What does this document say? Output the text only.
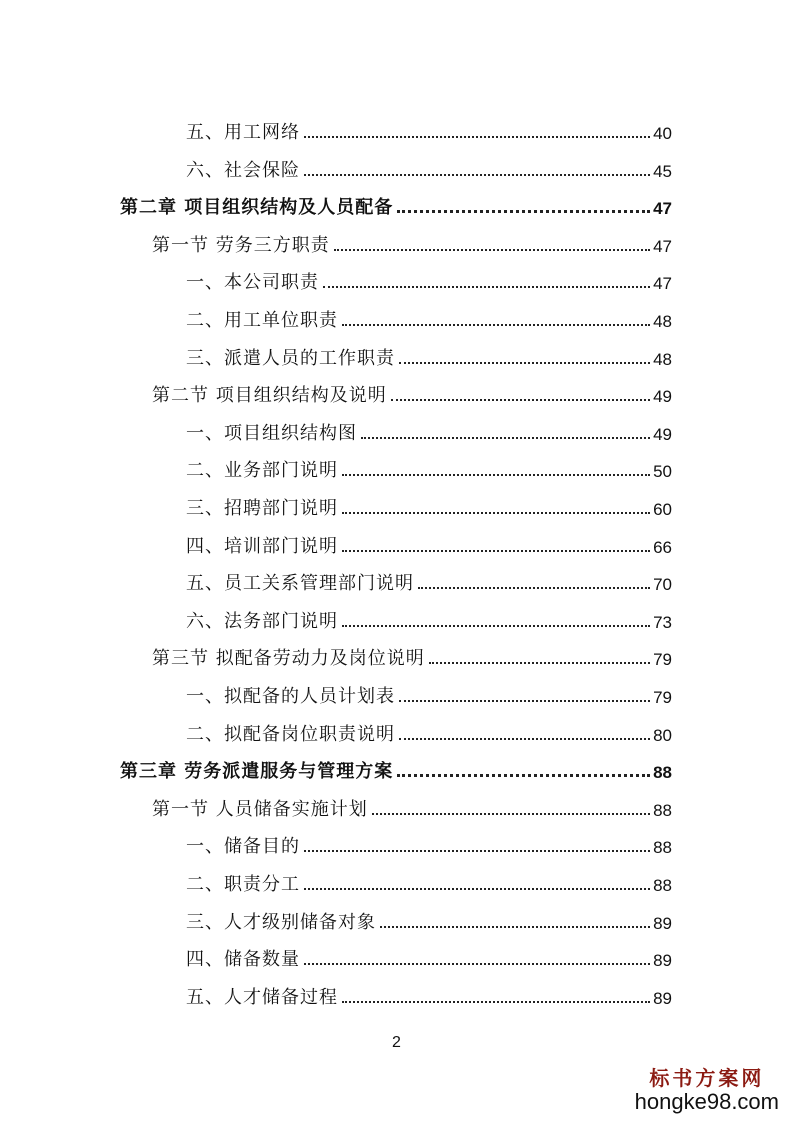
五、用工网络	40
六、社会保险	45
第二章 项目组织结构及人员配备	47
第一节 劳务三方职责	47
一、本公司职责	47
二、用工单位职责	48
三、派遣人员的工作职责	48
第二节 项目组织结构及说明	49
一、项目组织结构图	49
二、业务部门说明	50
三、招聘部门说明	60
四、培训部门说明	66
五、员工关系管理部门说明	70
六、法务部门说明	73
第三节 拟配备劳动力及岗位说明	79
一、拟配备的人员计划表	79
二、拟配备岗位职责说明	80
第三章 劳务派遣服务与管理方案	88
第一节 人员储备实施计划	88
一、储备目的	88
二、职责分工	88
三、人才级别储备对象	89
四、储备数量	89
五、人才储备过程	89
2
标书方案网
hongke98.com
